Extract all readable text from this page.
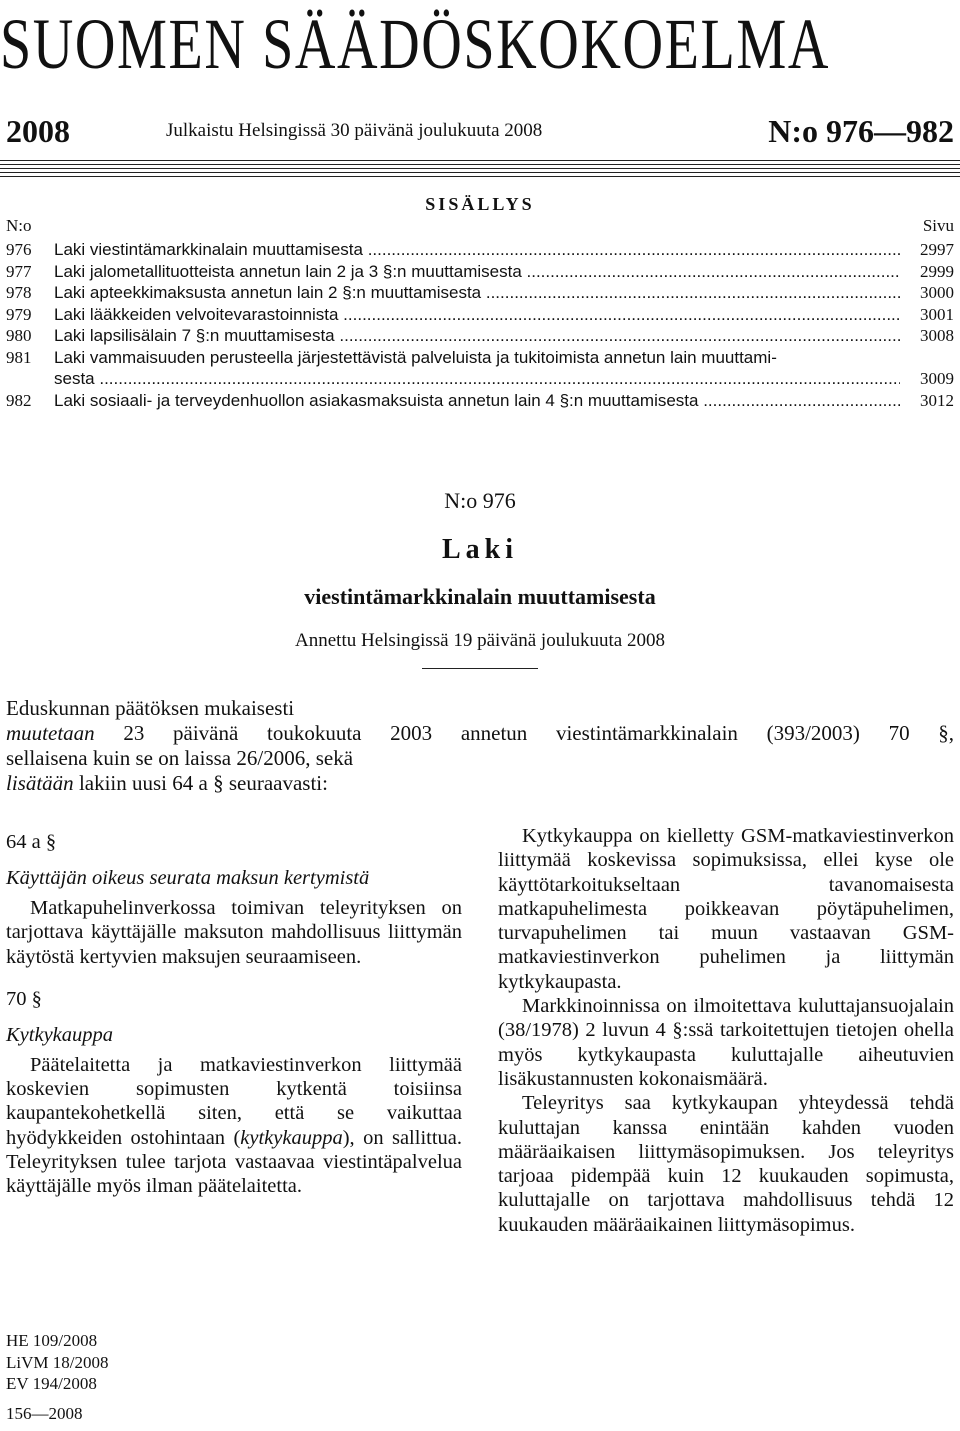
SUOMEN SÄÄDÖSKOKOELMA
2008	Julkaistu Helsingissä 30 päivänä joulukuuta 2008	N:o 976—982
SISÄLLYS
N:o	Sivu
976 Laki viestintämarkkinalain muuttamisesta .....	2997
977 Laki jalometallituotteista annetun lain 2 ja 3 §:n muuttamisesta .....	2999
978 Laki apteekkimaksusta annetun lain 2 §:n muuttamisesta .....	3000
979 Laki lääkkeiden velvoitevarastoinnista .....	3001
980 Laki lapsilisälain 7 §:n muuttamisesta .....	3008
981 Laki vammaisuuden perusteella järjestettävistä palveluista ja tukitoimista annetun lain muuttami-
sesta .....	3009
982 Laki sosiaali- ja terveydenhuollon asiakasmaksuista annetun lain 4 §:n muuttamisesta .....	3012
N:o 976
Laki
viestintämarkkinalain muuttamisesta
Annettu Helsingissä 19 päivänä joulukuuta 2008

Eduskunnan päätöksen mukaisesti

muutetaan 23 päivänä toukokuuta 2003 annetun viestintämarkkinalain (393/2003) 70 §,

sellaisena kuin se on laissa 26/2006, sekä

lisätään lakiin uusi 64 a § seuraavasti:

64 a §

Käyttäjän oikeus seurata maksun kertymistä

Matkapuhelinverkossa toimivan teleyrityksen on tarjottava käyttäjälle maksuton mahdollisuus liittymän käytöstä kertyvien maksujen seuraamiseen.

70 §

Kytkykauppa

Päätelaitetta ja matkaviestinverkon liittymää koskevien sopimusten kytkentä toisiinsa kaupantekohetkellä siten, että se vaikuttaa hyödykkeiden ostohintaan (kytkykauppa), on sallittua. Teleyrityksen tulee tarjota vastaavaa viestintäpalvelua käyttäjälle myös ilman päätelaitetta.

Kytkykauppa on kielletty GSM-matkaviestinverkon liittymää koskevissa sopimuksissa, ellei kyse ole käyttötarkoitukseltaan tavanomaisesta matkapuhelimesta poikkeavan pöytäpuhelimen, turvapuhelimen tai muun vastaavan GSM-matkaviestinverkon puhelimen ja liittymän kytkykaupasta.

Markkinoinnissa on ilmoitettava kuluttajansuojalain (38/1978) 2 luvun 4 §:ssä tarkoitettujen tietojen ohella myös kytkykaupasta kuluttajalle aiheutuvien lisäkustannusten kokonaismäärä.

Teleyritys saa kytkykaupan yhteydessä tehdä kuluttajan kanssa enintään kahden vuoden määräaikaisen liittymäsopimuksen. Jos teleyritys tarjoaa pidempää kuin 12 kuukauden sopimusta, kuluttajalle on tarjottava mahdollisuus tehdä 12 kuukauden määräaikainen liittymäsopimus.

HE 109/2008
LiVM 18/2008
EV 194/2008
156—2008
